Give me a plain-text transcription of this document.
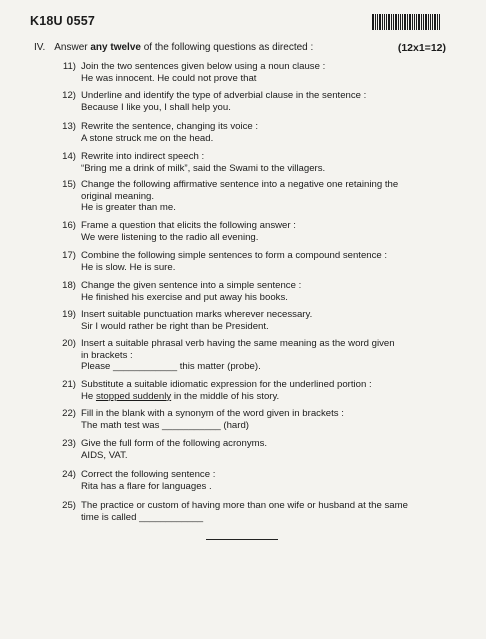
K18U 0557
IV. Answer any twelve of the following questions as directed :	(12x1=12)
11) Join the two sentences given below using a noun clause :
He was innocent. He could not prove that
12) Underline and identify the type of adverbial clause in the sentence :
Because I like you, I shall help you.
13) Rewrite the sentence, changing its voice :
A stone struck me on the head.
14) Rewrite into indirect speech :
“Bring me a drink of milk”, said the Swami to the villagers.
15) Change the following affirmative sentence into a negative one retaining the
original meaning.
He is greater than me.
16) Frame a question that elicits the following answer :
We were listening to the radio all evening.
17) Combine the following simple sentences to form a compound sentence :
He is slow. He is sure.
18) Change the given sentence into a simple sentence :
He finished his exercise and put away his books.
19) Insert suitable punctuation marks wherever necessary.
Sir I would rather be right than be President.
20) Insert a suitable phrasal verb having the same meaning as the word given
in brackets :
Please ____________ this matter (probe).
21) Substitute a suitable idiomatic expression for the underlined portion :
He stopped suddenly in the middle of his story.
22) Fill in the blank with a synonym of the word given in brackets :
The math test was ___________ (hard)
23) Give the full form of the following acronyms.
AIDS, VAT.
24) Correct the following sentence :
Rita has a flare for languages .
25) The practice or custom of having more than one wife or husband at the same
time is called ____________
